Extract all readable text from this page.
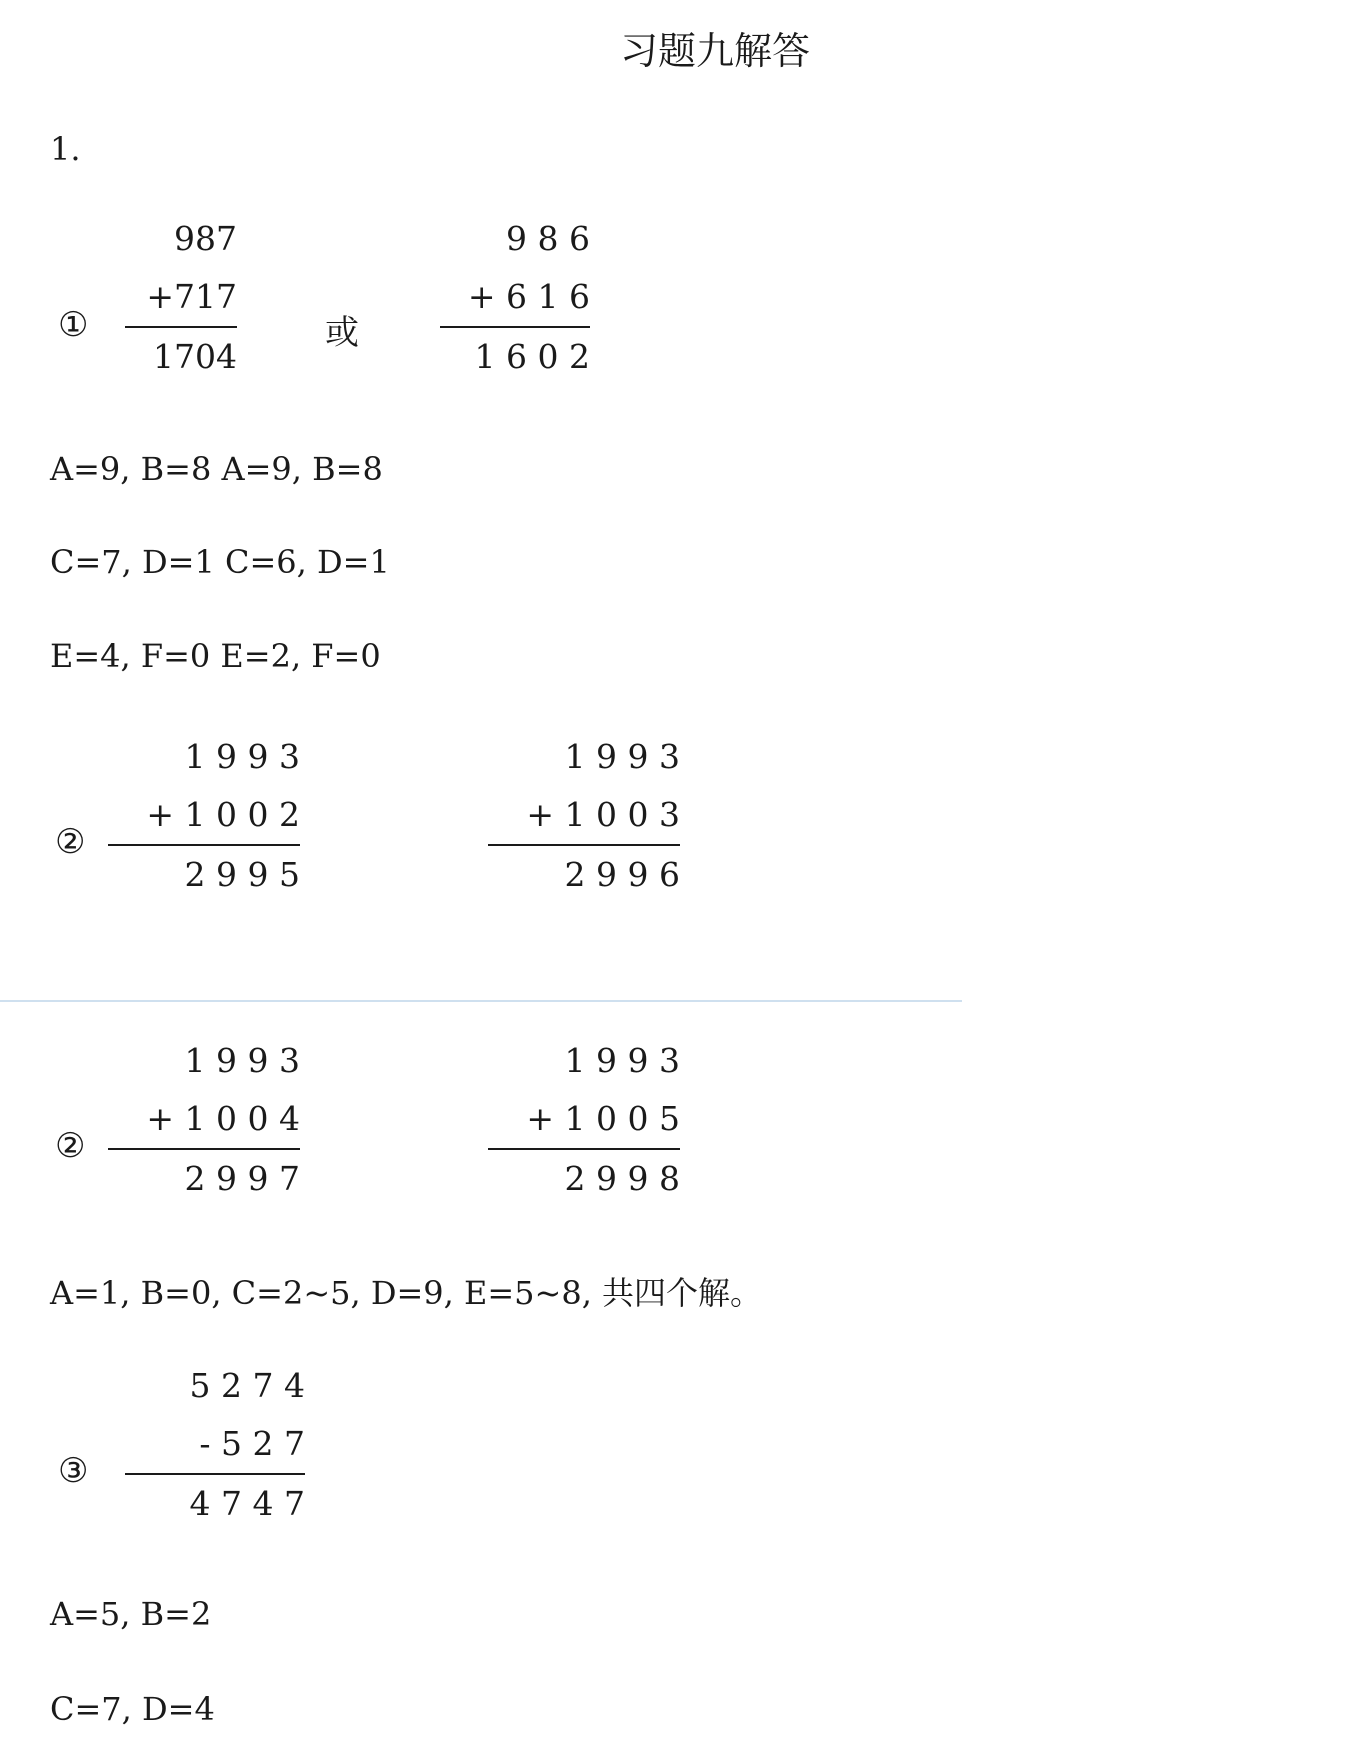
习题九解答
1.
①
987
+717
1704
或
9 8 6
+ 6 1 6
1 6 0 2
A=9, B=8 A=9, B=8
C=7, D=1 C=6, D=1
E=4, F=0 E=2, F=0
②
1 9 9 3
+ 1 0 0 2
2 9 9 5
1 9 9 3
+ 1 0 0 3
2 9 9 6
②
1 9 9 3
+ 1 0 0 4
2 9 9 7
1 9 9 3
+ 1 0 0 5
2 9 9 8
A=1, B=0, C=2~5, D=9, E=5~8, 共四个解。
③
5 2 7 4
- 5 2 7
4 7 4 7
A=5, B=2
C=7, D=4
